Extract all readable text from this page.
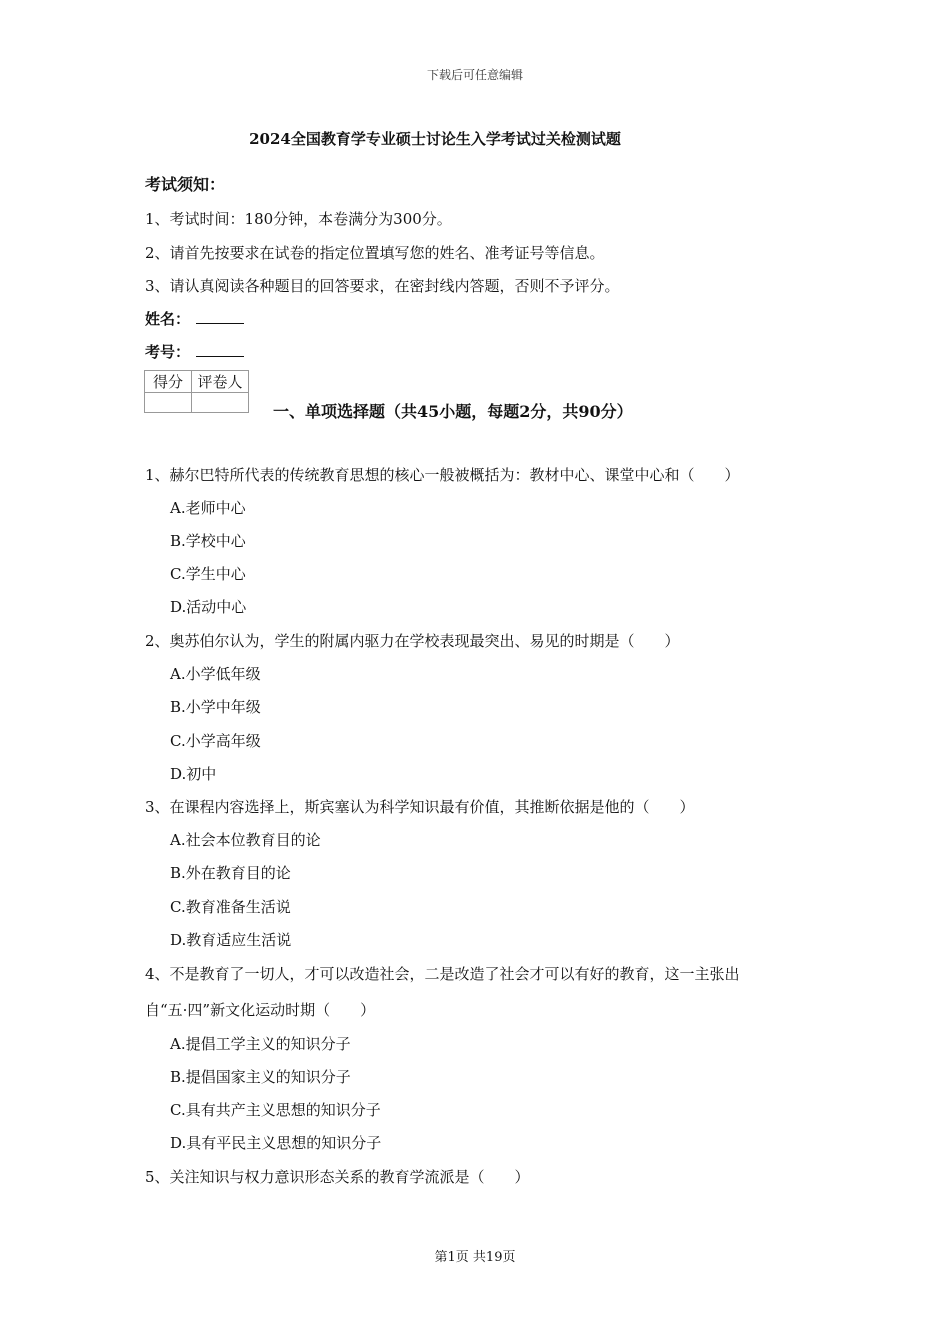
下载后可任意编辑
2024全国教育学专业硕士讨论生入学考试过关检测试题
考试须知：
1、考试时间：180分钟，本卷满分为300分。
2、请首先按要求在试卷的指定位置填写您的姓名、准考证号等信息。
3、请认真阅读各种题目的回答要求，在密封线内答题，否则不予评分。
姓名：
考号：
得分	评卷人

一、单项选择题（共45小题，每题2分，共90分）
1、赫尔巴特所代表的传统教育思想的核心一般被概括为：教材中心、课堂中心和（　　）
A.老师中心
B.学校中心
C.学生中心
D.活动中心
2、奥苏伯尔认为，学生的附属内驱力在学校表现最突出、易见的时期是（　　）
A.小学低年级
B.小学中年级
C.小学高年级
D.初中
3、在课程内容选择上，斯宾塞认为科学知识最有价值，其推断依据是他的（　　）
A.社会本位教育目的论
B.外在教育目的论
C.教育准备生活说
D.教育适应生活说
4、不是教育了一切人，才可以改造社会，二是改造了社会才可以有好的教育，这一主张出
自“五·四”新文化运动时期（　　）
A.提倡工学主义的知识分子
B.提倡国家主义的知识分子
C.具有共产主义思想的知识分子
D.具有平民主义思想的知识分子
5、关注知识与权力意识形态关系的教育学流派是（　　）
第1页 共19页
